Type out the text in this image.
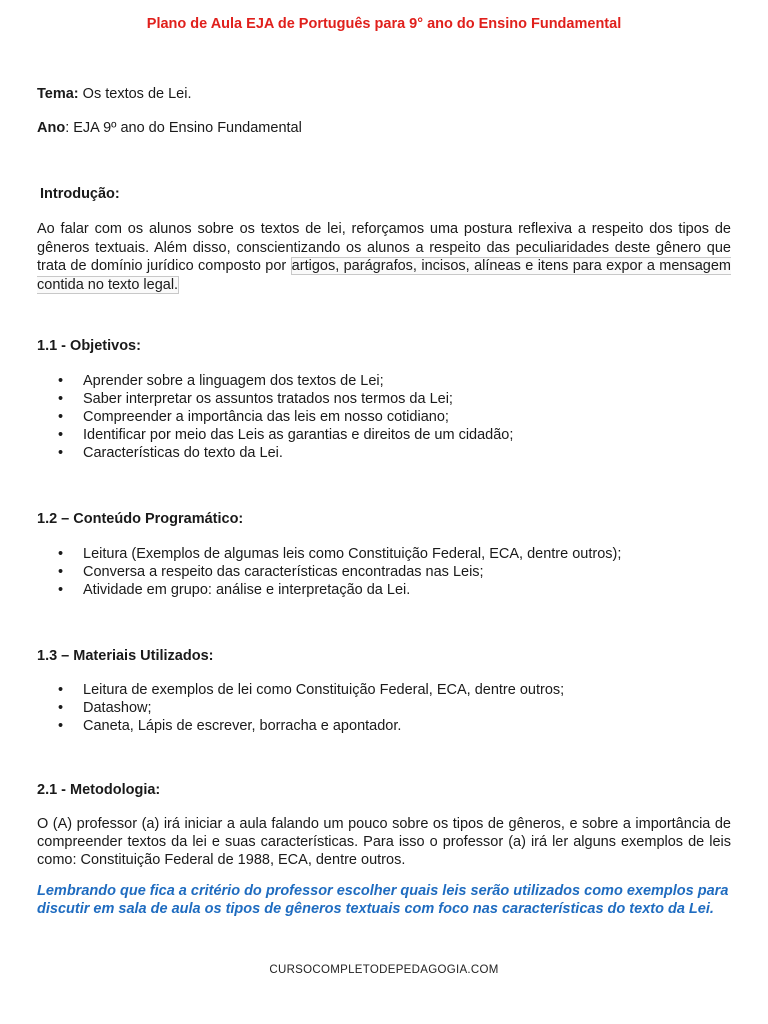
Plano de Aula EJA de Português para 9° ano do Ensino Fundamental
Tema: Os textos de Lei.
Ano: EJA 9º ano do Ensino Fundamental
Introdução:

Ao falar com os alunos sobre os textos de lei, reforçamos uma postura reflexiva a respeito dos tipos de gêneros textuais. Além disso, conscientizando os alunos a respeito das peculiaridades deste gênero que trata de domínio jurídico composto por artigos, parágrafos, incisos, alíneas e itens para expor a mensagem contida no texto legal.

1.1 - Objetivos:
• Aprender sobre a linguagem dos textos de Lei;
• Saber interpretar os assuntos tratados nos termos da Lei;
• Compreender a importância das leis em nosso cotidiano;
• Identificar por meio das Leis as garantias e direitos de um cidadão;
• Características do texto da Lei.
1.2 – Conteúdo Programático:
• Leitura (Exemplos de algumas leis como Constituição Federal, ECA, dentre outros);
• Conversa a respeito das características encontradas nas Leis;
• Atividade em grupo: análise e interpretação da Lei.
1.3 – Materiais Utilizados:
• Leitura de exemplos de lei como Constituição Federal, ECA, dentre outros;
• Datashow;
• Caneta, Lápis de escrever, borracha e apontador.
2.1 - Metodologia:

O (A) professor (a) irá iniciar a aula falando um pouco sobre os tipos de gêneros, e sobre a importância de compreender textos da lei e suas características. Para isso o professor (a) irá ler alguns exemplos de leis como: Constituição Federal de 1988, ECA, dentre outros.

Lembrando que fica a critério do professor escolher quais leis serão utilizados como exemplos para discutir em sala de aula os tipos de gêneros textuais com foco nas características do texto da Lei.

CURSOCOMPLETODEPEDAGOGIA.COM
